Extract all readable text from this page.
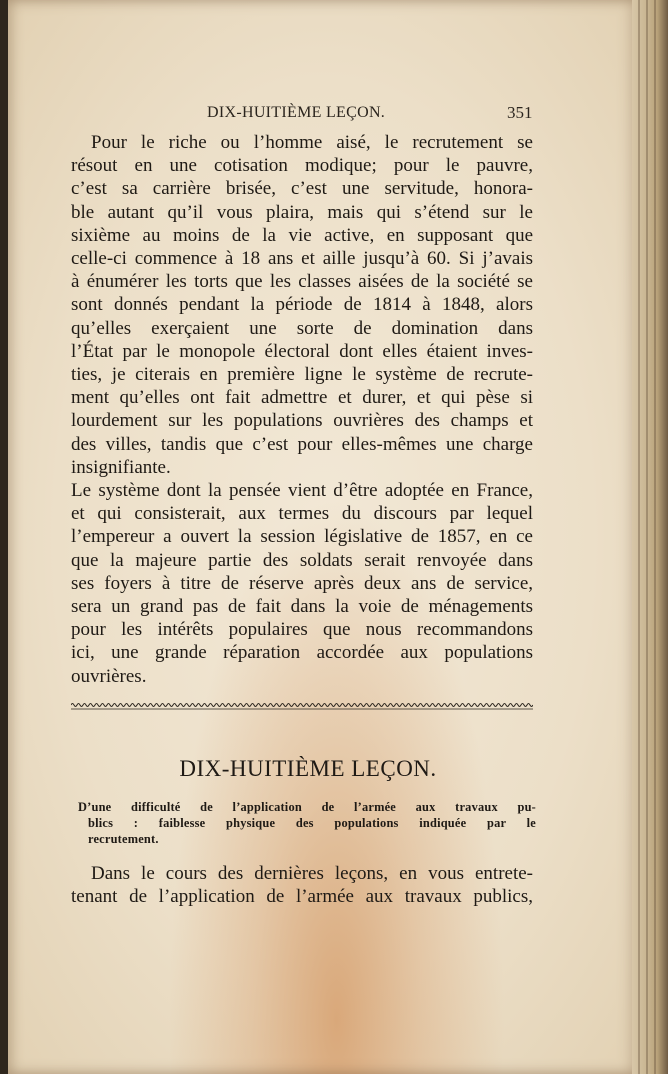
DIX-HUITIÈME LEÇON.	351
Pour le riche ou l’homme aisé, le recrutement se
résout en une cotisation modique; pour le pauvre,
c’est sa carrière brisée, c’est une servitude, honora-
ble autant qu’il vous plaira, mais qui s’étend sur le
sixième au moins de la vie active, en supposant que
celle-ci commence à 18 ans et aille jusqu’à 60. Si j’avais
à énumérer les torts que les classes aisées de la société se
sont donnés pendant la période de 1814 à 1848, alors
qu’elles exerçaient une sorte de domination dans
l’État par le monopole électoral dont elles étaient inves-
ties, je citerais en première ligne le système de recrute-
ment qu’elles ont fait admettre et durer, et qui pèse si
lourdement sur les populations ouvrières des champs et
des villes, tandis que c’est pour elles-mêmes une charge
insignifiante.
Le système dont la pensée vient d’être adoptée en France,
et qui consisterait, aux termes du discours par lequel
l’empereur a ouvert la session législative de 1857, en ce
que la majeure partie des soldats serait renvoyée dans
ses foyers à titre de réserve après deux ans de service,
sera un grand pas de fait dans la voie de ménagements
pour les intérêts populaires que nous recommandons
ici, une grande réparation accordée aux populations
ouvrières.
DIX-HUITIÈME LEÇON.
D’une difficulté de l’application de l’armée aux travaux pu-
blics : faiblesse physique des populations indiquée par le
recrutement.
Dans le cours des dernières leçons, en vous entrete-
tenant de l’application de l’armée aux travaux publics,
